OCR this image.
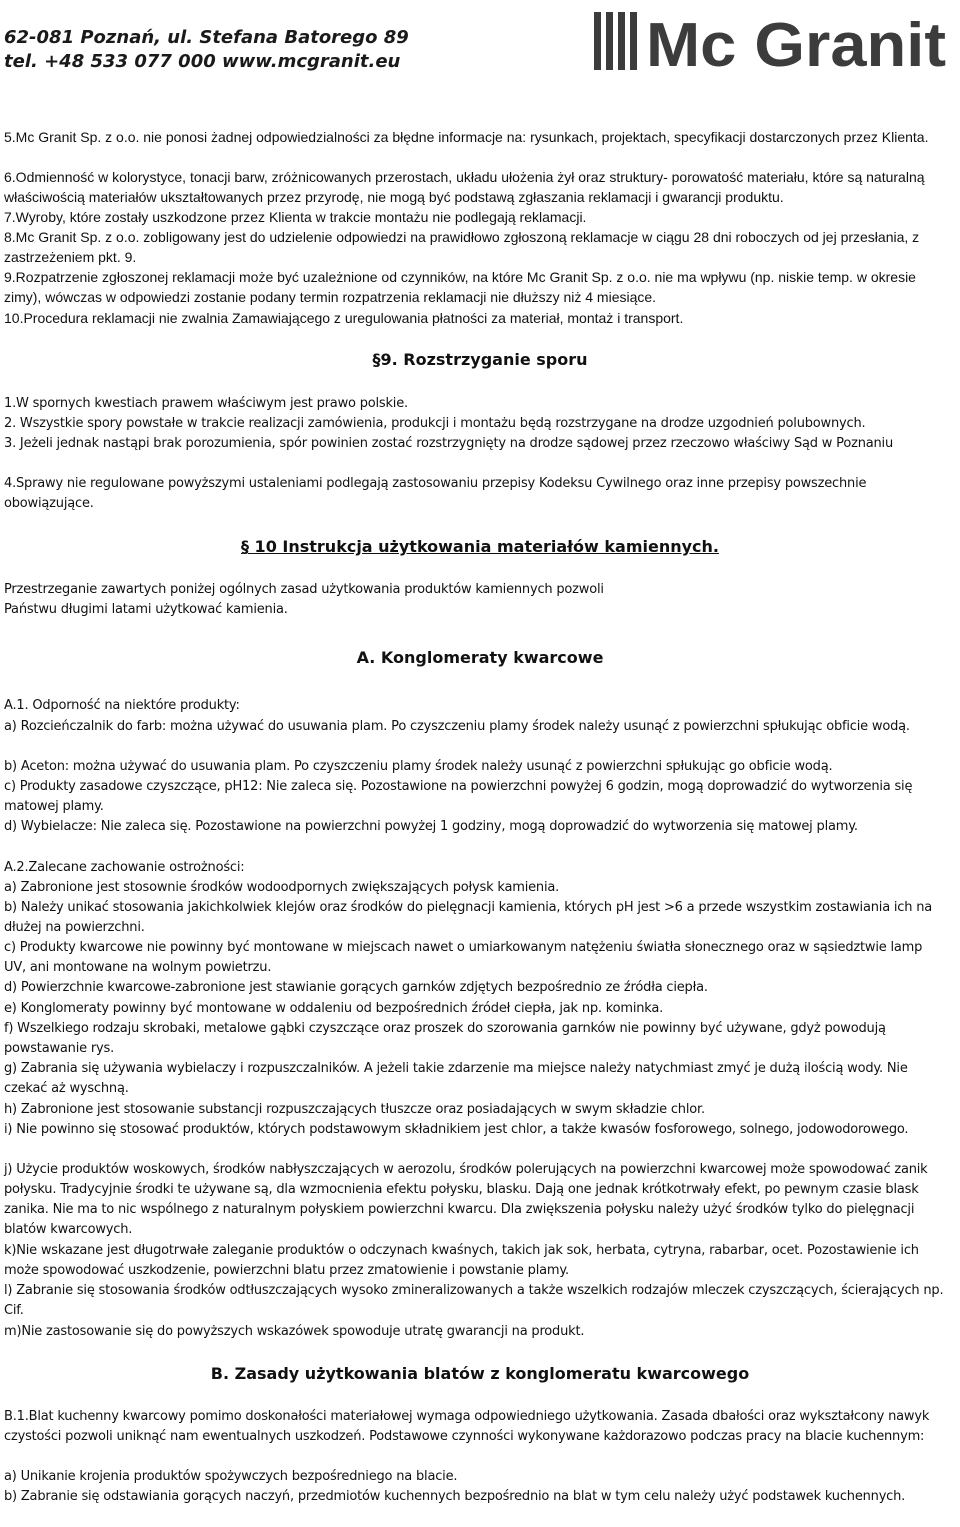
62-081 Poznań, ul. Stefana Batorego 89
tel. +48 533 077 000 www.mcgranit.eu	Mc Granit

5.Mc Granit Sp. z o.o. nie ponosi żadnej odpowiedzialności za błędne informacje na: rysunkach, projektach, specyfikacji dostarczonych przez Klienta.

6.Odmienność w kolorystyce, tonacji barw, zróżnicowanych przerostach, układu ułożenia żył oraz struktury- porowatość materiału, które są naturalną właściwością materiałów ukształtowanych przez przyrodę, nie mogą być podstawą zgłaszania reklamacji i gwarancji produktu.

7.Wyroby, które zostały uszkodzone przez Klienta w trakcie montażu nie podlegają reklamacji.

8.Mc Granit Sp. z o.o. zobligowany jest do udzielenie odpowiedzi na prawidłowo zgłoszoną reklamacje w ciągu 28 dni roboczych od jej przesłania, z zastrzeżeniem pkt. 9.

9.Rozpatrzenie zgłoszonej reklamacji może być uzależnione od czynników, na które Mc Granit Sp. z o.o. nie ma wpływu (np. niskie temp. w okresie zimy), wówczas w odpowiedzi zostanie podany termin rozpatrzenia reklamacji nie dłuższy niż 4 miesiące.

10.Procedura reklamacji nie zwalnia Zamawiającego z uregulowania płatności za materiał, montaż i transport.

§9. Rozstrzyganie sporu

1.W spornych kwestiach prawem właściwym jest prawo polskie.

2. Wszystkie spory powstałe w trakcie realizacji zamówienia, produkcji i montażu będą rozstrzygane na drodze uzgodnień polubownych.

3. Jeżeli jednak nastąpi brak porozumienia, spór powinien zostać rozstrzygnięty na drodze sądowej przez rzeczowo właściwy Sąd w Poznaniu

4.Sprawy nie regulowane powyższymi ustaleniami podlegają zastosowaniu przepisy Kodeksu Cywilnego oraz inne przepisy powszechnie obowiązujące.

§ 10 Instrukcja użytkowania materiałów kamiennych.

Przestrzeganie zawartych poniżej ogólnych zasad użytkowania produktów kamiennych pozwoli Państwu długimi latami użytkować kamienia.

A. Konglomeraty kwarcowe

A.1. Odporność na niektóre produkty:

a) Rozcieńczalnik do farb: można używać do usuwania plam. Po czyszczeniu plamy środek należy usunąć z powierzchni spłukując obficie wodą.

b) Aceton: można używać do usuwania plam. Po czyszczeniu plamy środek należy usunąć z powierzchni spłukując go obficie wodą.

c) Produkty zasadowe czyszczące, pH12: Nie zaleca się. Pozostawione na powierzchni powyżej 6 godzin, mogą doprowadzić do wytworzenia się matowej plamy.

d) Wybielacze: Nie zaleca się. Pozostawione na powierzchni powyżej 1 godziny, mogą doprowadzić do wytworzenia się matowej plamy.

A.2.Zalecane zachowanie ostrożności:

a) Zabronione jest stosownie środków wodoodpornych zwiększających połysk kamienia.

b) Należy unikać stosowania jakichkolwiek klejów oraz środków do pielęgnacji kamienia, których pH jest >6 a przede wszystkim zostawiania ich na dłużej na powierzchni.

c) Produkty kwarcowe nie powinny być montowane w miejscach nawet o umiarkowanym natężeniu światła słonecznego oraz w sąsiedztwie lamp UV, ani montowane na wolnym powietrzu.

d) Powierzchnie kwarcowe-zabronione jest stawianie gorących garnków zdjętych bezpośrednio ze źródła ciepła.

e) Konglomeraty powinny być montowane w oddaleniu od bezpośrednich źródeł ciepła, jak np. kominka.

f) Wszelkiego rodzaju skrobaki, metalowe gąbki czyszczące oraz proszek do szorowania garnków nie powinny być używane, gdyż powodują powstawanie rys.

g) Zabrania się używania wybielaczy i rozpuszczalników. A jeżeli takie zdarzenie ma miejsce należy natychmiast zmyć je dużą ilością wody. Nie czekać aż wyschną.

h) Zabronione jest stosowanie substancji rozpuszczających tłuszcze oraz posiadających w swym składzie chlor.

i) Nie powinno się stosować produktów, których podstawowym składnikiem jest chlor, a także kwasów fosforowego, solnego, jodowodorowego.

j) Użycie produktów woskowych, środków nabłyszczających w aerozolu, środków polerujących na powierzchni kwarcowej może spowodować zanik połysku. Tradycyjnie środki te używane są, dla wzmocnienia efektu połysku, blasku. Dają one jednak krótkotrwały efekt, po pewnym czasie blask zanika. Nie ma to nic wspólnego z naturalnym połyskiem powierzchni kwarcu. Dla zwiększenia połysku należy użyć środków tylko do pielęgnacji blatów kwarcowych.

k)Nie wskazane jest długotrwałe zaleganie produktów o odczynach kwaśnych, takich jak sok, herbata, cytryna, rabarbar, ocet. Pozostawienie ich może spowodować uszkodzenie, powierzchni blatu przez zmatowienie i powstanie plamy.

l) Zabranie się stosowania środków odtłuszczających wysoko zmineralizowanych a także wszelkich rodzajów mleczek czyszczących, ścierających np. Cif.

m)Nie zastosowanie się do powyższych wskazówek spowoduje utratę gwarancji na produkt.

B. Zasady użytkowania blatów z konglomeratu kwarcowego

B.1.Blat kuchenny kwarcowy pomimo doskonałości materiałowej wymaga odpowiedniego użytkowania. Zasada dbałości oraz wykształcony nawyk czystości pozwoli uniknąć nam ewentualnych uszkodzeń. Podstawowe czynności wykonywane każdorazowo podczas pracy na blacie kuchennym:

a) Unikanie krojenia produktów spożywczych bezpośredniego na blacie.

b) Zabranie się odstawiania gorących naczyń, przedmiotów kuchennych bezpośrednio na blat w tym celu należy użyć podstawek kuchennych.
